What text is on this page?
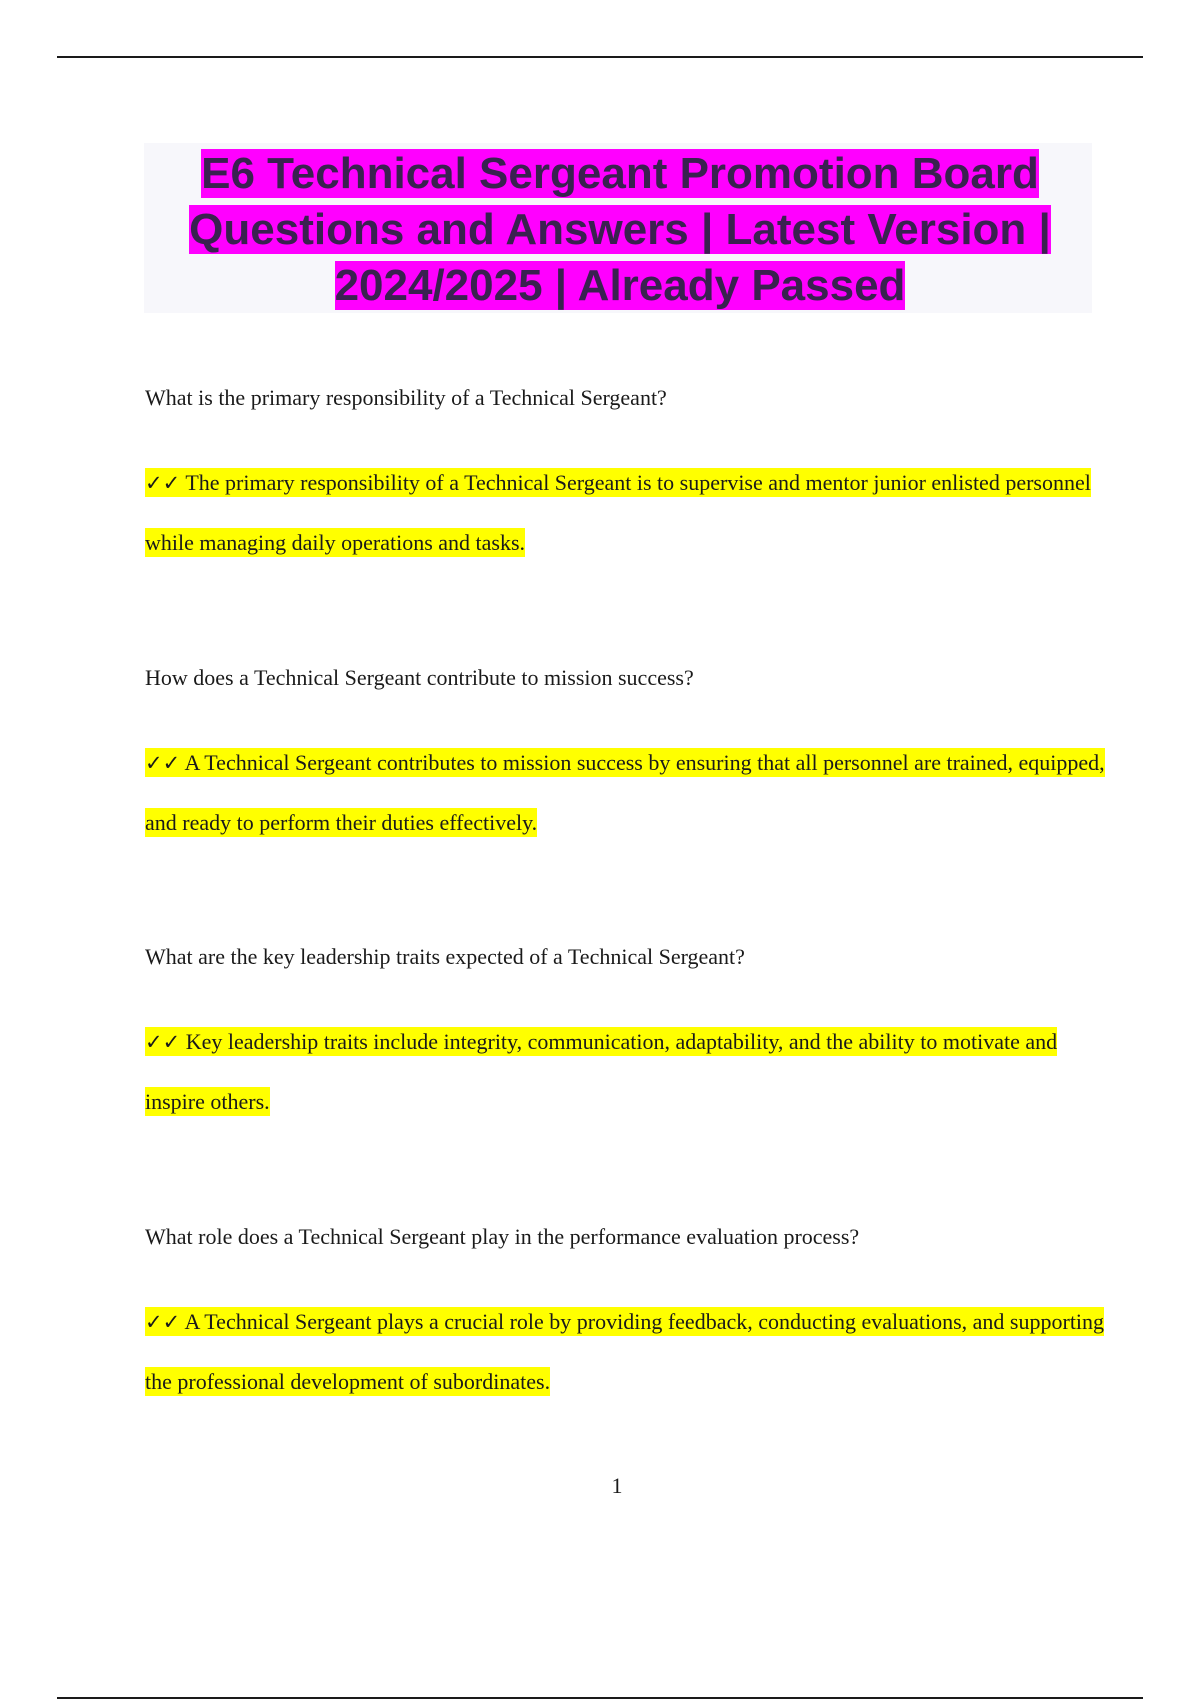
E6 Technical Sergeant Promotion Board Questions and Answers | Latest Version | 2024/2025 | Already Passed

What is the primary responsibility of a Technical Sergeant?

✓✓ The primary responsibility of a Technical Sergeant is to supervise and mentor junior enlisted personnel while managing daily operations and tasks.

How does a Technical Sergeant contribute to mission success?

✓✓ A Technical Sergeant contributes to mission success by ensuring that all personnel are trained, equipped, and ready to perform their duties effectively.

What are the key leadership traits expected of a Technical Sergeant?

✓✓ Key leadership traits include integrity, communication, adaptability, and the ability to motivate and inspire others.

What role does a Technical Sergeant play in the performance evaluation process?

✓✓ A Technical Sergeant plays a crucial role by providing feedback, conducting evaluations, and supporting the professional development of subordinates.

1
